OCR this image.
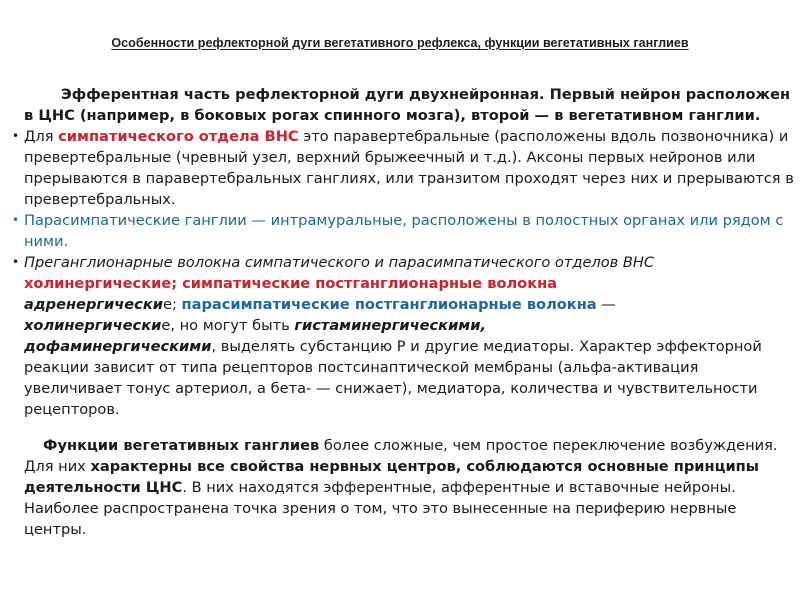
Особенности рефлекторной дуги вегетативного рефлекса, функции вегетативных ганглиев

Эфферентная часть рефлекторной дуги двухнейронная. Первый нейрон расположен в ЦНС (например, в боковых рогах спинного мозга), второй — в вегетативном ганглии.

• Для симпатического отдела ВНС это паравертебральные (расположены вдоль позвоночника) и превертебральные (чревный узел, верхний брыжеечный и т.д.). Аксоны первых нейронов или прерываются в паравертебральных ганглиях, или транзитом проходят через них и прерываются в превертебральных.

• Парасимпатические ганглии — интрамуральные, расположены в полостных органах или рядом с ними.

• Преганглионарные волокна симпатического и парасимпатического отделов ВНС
холинергические; симпатические постганглионарные волокна
адренергические; парасимпатические постганглионарные волокна —
холинергические, но могут быть гистаминергическими,
дофаминергическими, выделять субстанцию Р и другие медиаторы. Характер эффекторной реакции зависит от типа рецепторов постсинаптической мембраны (альфа-активация увеличивает тонус артериол, а бета- — снижает), медиатора, количества и чувствительности рецепторов.

Функции вегетативных ганглиев более сложные, чем простое переключение возбуждения. Для них характерны все свойства нервных центров, соблюдаются основные принципы деятельности ЦНС. В них находятся эфферентные, афферентные и вставочные нейроны. Наиболее распространена точка зрения о том, что это вынесенные на периферию нервные центры.
